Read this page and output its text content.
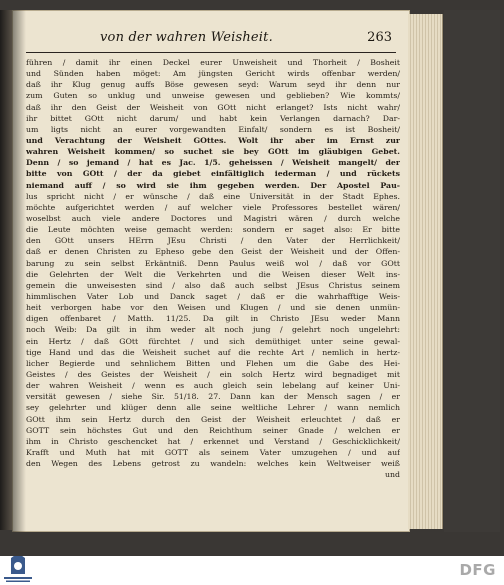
von der wahren Weisheit.	263
führen / damit ihr einen Deckel eurer Unweisheit und Thorheit / Bosheit
und Sünden haben möget: Am jüngsten Gericht wirds offenbar werden/
daß ihr Klug genug auffs Böse gewesen seyd: Warum seyd ihr denn nur
zum Guten so unklug und unweise gewesen und geblieben? Wie kommts/
daß ihr den Geist der Weisheit von GOtt nicht erlanget? Ists nicht wahr/
ihr bittet GOtt nicht darum/ und habt kein Verlangen darnach? Dar-
um ligts nicht an eurer vorgewandten Einfalt/ sondern es ist Bosheit/
und Verachtung der Weisheit GOttes. Wolt ihr aber im Ernst zur
wahren Weisheit kommen/ so suchet sie bey GOtt im gläubigen Gebet.
Denn / so jemand / hat es Jac. 1/5. geheissen / Weisheit mangelt/ der
bitte von GOtt / der da giebet einfältiglich iederman / und rückets
niemand auff / so wird sie ihm gegeben werden. Der Apostel Pau-
lus spricht nicht / er wünsche / daß eine Universität in der Stadt Ephes.
möchte aufgerichtet werden / auf welcher viele Professores bestellet wären/
woselbst auch viele andere Doctores und Magistri wären / durch welche
die Leute möchten weise gemacht werden: sondern er saget also: Er bitte
den GOtt unsers HErrn JEsu Christi / den Vater der Herrlichkeit/
daß er denen Christen zu Epheso gebe den Geist der Weisheit und der Offen-
barung zu sein selbst Erkäntniß. Denn Paulus weiß wol / daß vor GOtt
die Gelehrten der Welt die Verkehrten und die Weisen dieser Welt ins-
gemein die unweisesten sind / also daß auch selbst JEsus Christus seinem
himmlischen Vater Lob und Danck saget / daß er die wahrhafftige Weis-
heit verborgen habe vor den Weisen und Klugen / und sie denen unmün-
digen offenbaret / Matth. 11/25. Da gilt in Christo JEsu weder Mann
noch Weib: Da gilt in ihm weder alt noch jung / gelehrt noch ungelehrt:
ein Hertz / daß GOtt fürchtet / und sich demüthiget unter seine gewal-
tige Hand und das die Weisheit suchet auf die rechte Art / nemlich in hertz-
licher Begierde und sehnlichem Bitten und Flehen um die Gabe des Hei-
Geistes / des Geistes der Weisheit / ein solch Hertz wird begnadiget mit
der wahren Weisheit / wenn es auch gleich sein lebelang auf keiner Uni-
versität gewesen / siehe Sir. 51/18. 27. Dann kan der Mensch sagen / er
sey gelehrter und klüger denn alle seine weltliche Lehrer / wann nemlich
GOtt ihm sein Hertz durch den Geist der Weisheit erleuchtet / daß er
GOTT sein höchstes Gut und den Reichthum seiner Gnade / welchen er
ihm in Christo geschencket hat / erkennet und Verstand / Geschicklichkeit/
Krafft und Muth hat mit GOTT als seinem Vater umzugehen / und auf
den Wegen des Lebens getrost zu wandeln: welches kein Weltweiser weiß
und
DFG
